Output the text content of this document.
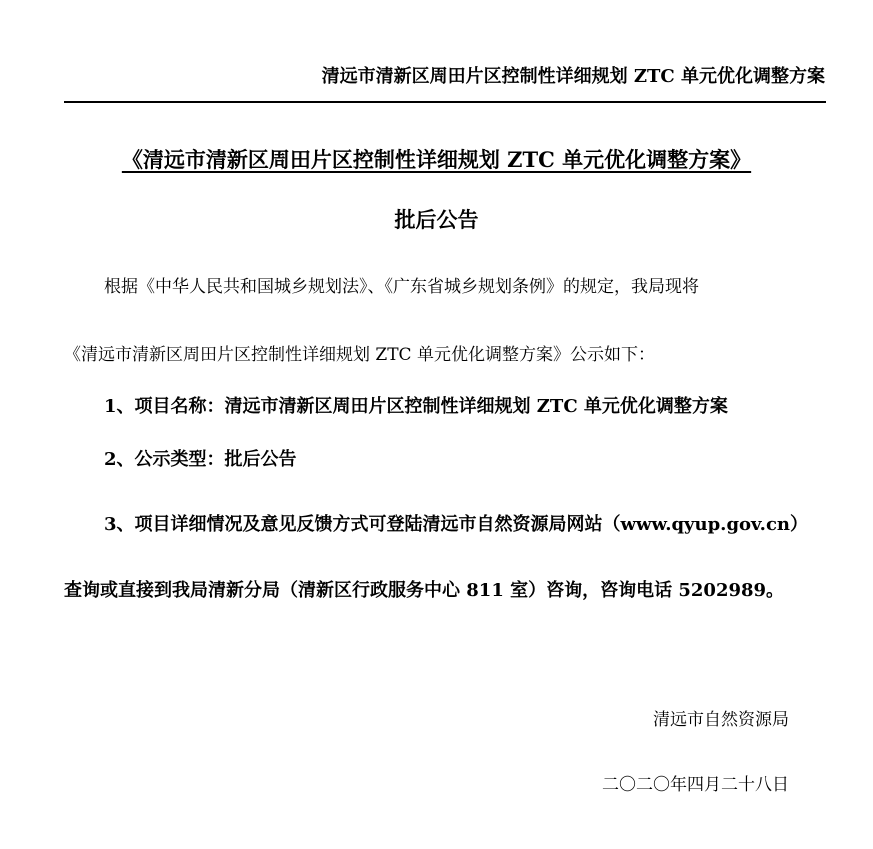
清远市清新区周田片区控制性详细规划 ZTC 单元优化调整方案
《清远市清新区周田片区控制性详细规划 ZTC 单元优化调整方案》
批后公告
根据《中华人民共和国城乡规划法》、《广东省城乡规划条例》的规定，我局现将
《清远市清新区周田片区控制性详细规划 ZTC 单元优化调整方案》公示如下：
1、项目名称：清远市清新区周田片区控制性详细规划 ZTC 单元优化调整方案
2、公示类型：批后公告
3、项目详细情况及意见反馈方式可登陆清远市自然资源局网站（www.qyup.gov.cn）
查询或直接到我局清新分局（清新区行政服务中心 811 室）咨询，咨询电话 5202989。
清远市自然资源局
二〇二〇年四月二十八日
